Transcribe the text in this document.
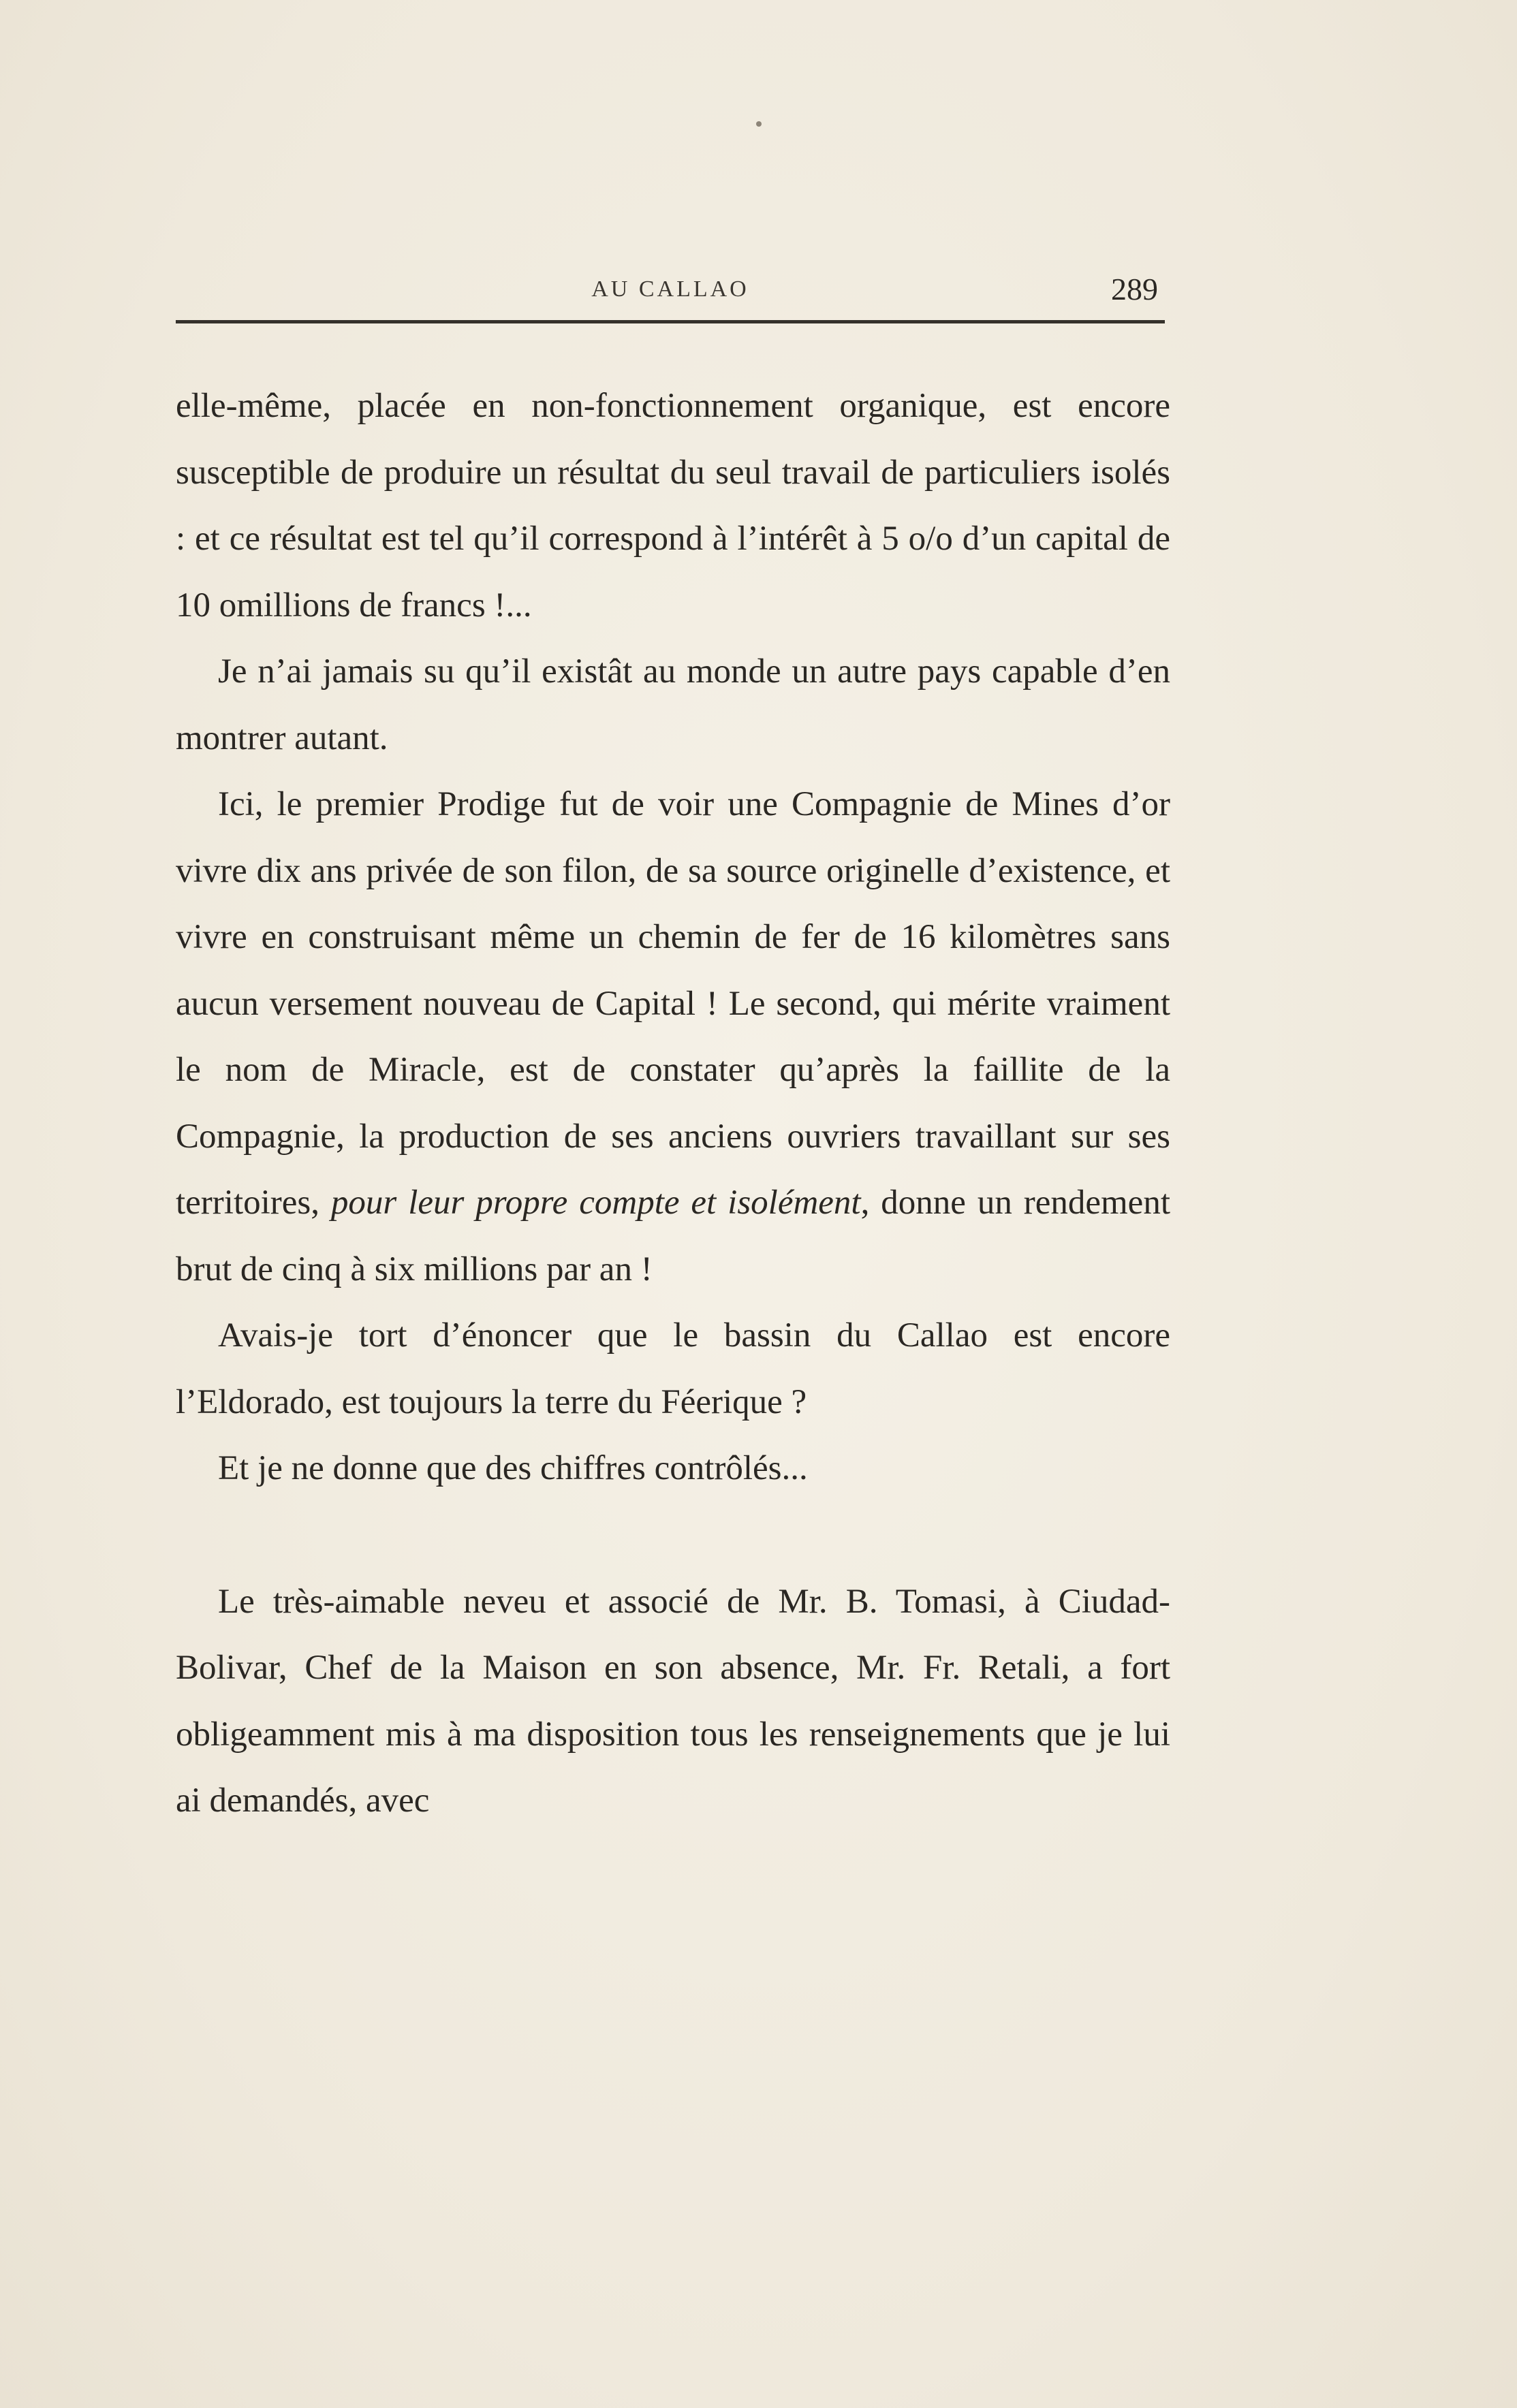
AU CALLAO	289

elle-même, placée en non-fonctionnement organique, est encore susceptible de produire un résultat du seul travail de particuliers isolés : et ce résultat est tel qu’il correspond à l’intérêt à 5 o/o d’un capital de 10 omillions de francs !...

Je n’ai jamais su qu’il existât au monde un autre pays capable d’en montrer autant.

Ici, le premier Prodige fut de voir une Compagnie de Mines d’or vivre dix ans privée de son filon, de sa source originelle d’existence, et vivre en construisant même un chemin de fer de 16 kilomètres sans aucun versement nouveau de Capital ! Le second, qui mérite vraiment le nom de Miracle, est de constater qu’après la faillite de la Compagnie, la production de ses anciens ouvriers travaillant sur ses territoires, pour leur propre compte et isolément, donne un rendement brut de cinq à six millions par an !

Avais-je tort d’énoncer que le bassin du Callao est encore l’Eldorado, est toujours la terre du Féerique ?

Et je ne donne que des chiffres contrôlés...

Le très-aimable neveu et associé de Mr. B. Tomasi, à Ciudad-Bolivar, Chef de la Maison en son absence, Mr. Fr. Retali, a fort obligeamment mis à ma disposition tous les renseignements que je lui ai demandés, avec
